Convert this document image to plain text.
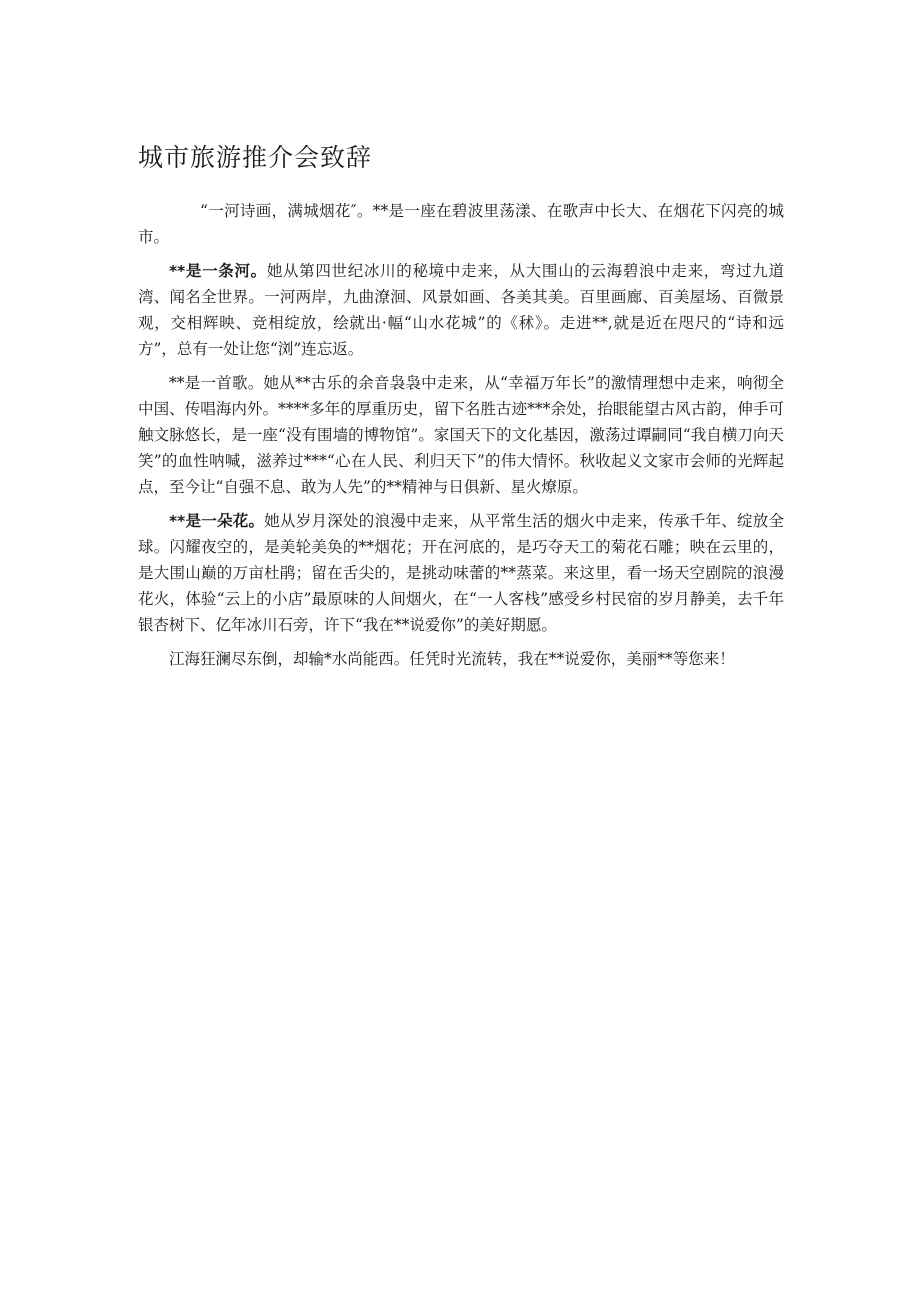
城市旅游推介会致辞

“一河诗画，满城烟花″。**是一座在碧波里荡漾、在歌声中长大、在烟花下闪亮的城市。

**是一条河。她从第四世纪冰川的秘境中走来，从大围山的云海碧浪中走来，弯过九道湾、闻名全世界。一河两岸，九曲潦洄、风景如画、各美其美。百里画廊、百美屋场、百微景观，交相辉映、竞相绽放，绘就出·幅“山水花城”的《秫》。走进**,就是近在咫尺的“诗和远方”，总有一处让您“浏”连忘返。

**是一首歌。她从**古乐的余音袅袅中走来，从“幸福万年长”的激情理想中走来，响彻全中国、传唱海内外。****多年的厚重历史，留下名胜古迹***余处，抬眼能望古风古韵，伸手可触文脉悠长，是一座“没有围墙的博物馆”。家国天下的文化基因，激荡过谭嗣同“我自横刀向天笑”的血性呐喊，滋养过***“心在人民、利归天下”的伟大情怀。秋收起义文家市会师的光辉起点，至今让“自强不息、敢为人先”的**精神与日俱新、星火燎原。

**是一朵花。她从岁月深处的浪漫中走来，从平常生活的烟火中走来，传承千年、绽放全球。闪耀夜空的，是美轮美奂的**烟花；开在河底的，是巧夺天工的菊花石雕；映在云里的，是大围山巅的万亩杜鹃；留在舌尖的，是挑动味蕾的**蒸菜。来这里，看一场天空剧院的浪漫花火，体验“云上的小店”最原味的人间烟火，在“一人客栈”感受乡村民宿的岁月静美，去千年银杏树下、亿年冰川石旁，许下“我在**说爱你”的美好期愿。

江海狂澜尽东倒，却输*水尚能西。任凭时光流转，我在**说爱你，美丽**等您来！
